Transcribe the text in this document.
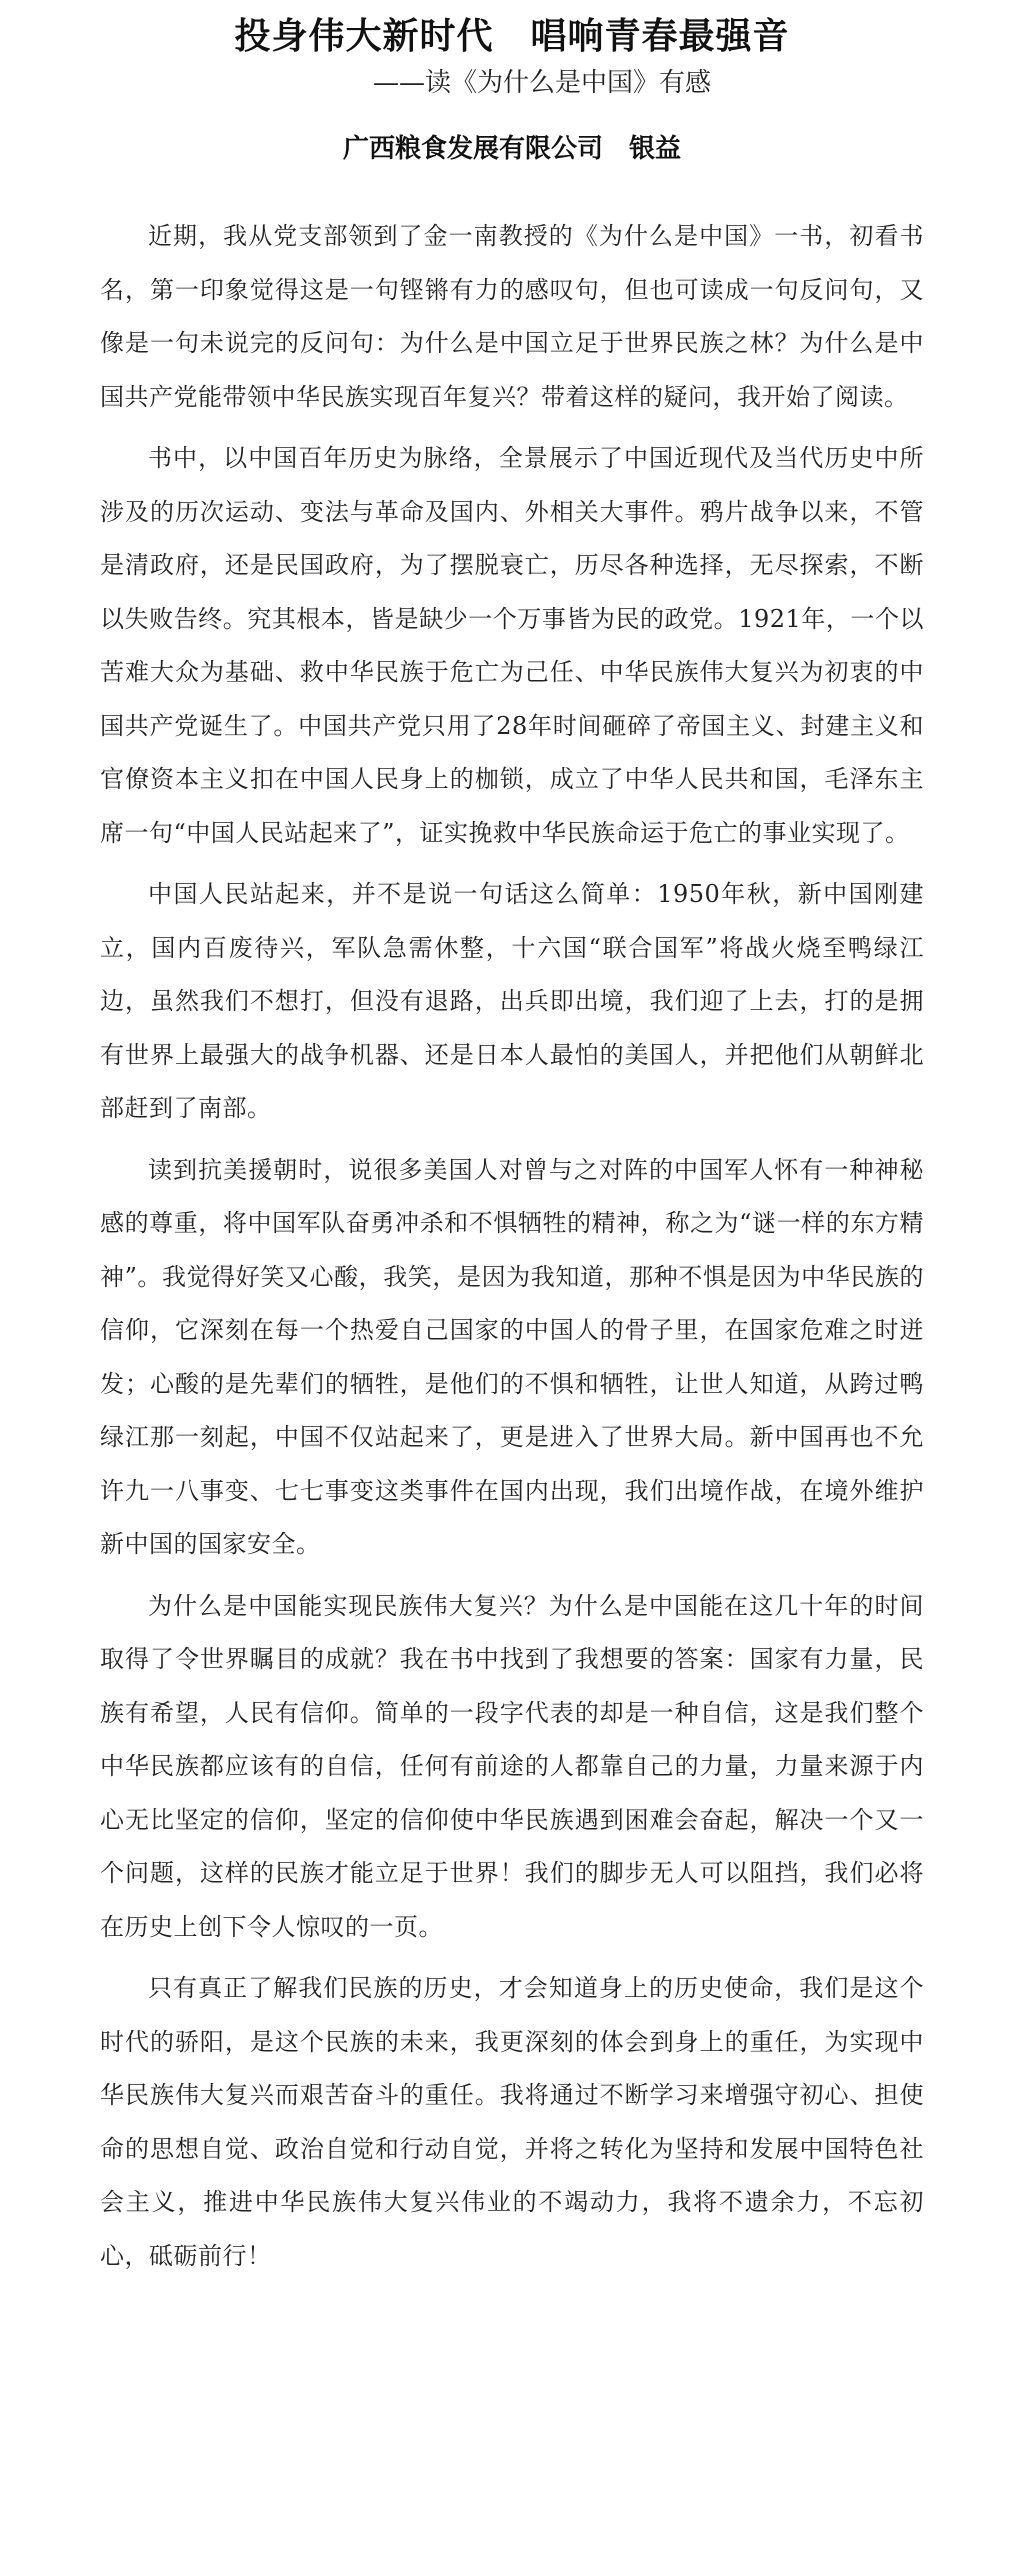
投身伟大新时代　唱响青春最强音
——读《为什么是中国》有感
广西粮食发展有限公司　银益

近期，我从党支部领到了金一南教授的《为什么是中国》一书，初看书名，第一印象觉得这是一句铿锵有力的感叹句，但也可读成一句反问句，又像是一句未说完的反问句：为什么是中国立足于世界民族之林？为什么是中国共产党能带领中华民族实现百年复兴？带着这样的疑问，我开始了阅读。

书中，以中国百年历史为脉络，全景展示了中国近现代及当代历史中所涉及的历次运动、变法与革命及国内、外相关大事件。鸦片战争以来，不管是清政府，还是民国政府，为了摆脱衰亡，历尽各种选择，无尽探索，不断以失败告终。究其根本，皆是缺少一个万事皆为民的政党。1921年，一个以苦难大众为基础、救中华民族于危亡为己任、中华民族伟大复兴为初衷的中国共产党诞生了。中国共产党只用了28年时间砸碎了帝国主义、封建主义和官僚资本主义扣在中国人民身上的枷锁，成立了中华人民共和国，毛泽东主席一句“中国人民站起来了”，证实挽救中华民族命运于危亡的事业实现了。

中国人民站起来，并不是说一句话这么简单：1950年秋，新中国刚建立，国内百废待兴，军队急需休整，十六国“联合国军”将战火烧至鸭绿江边，虽然我们不想打，但没有退路，出兵即出境，我们迎了上去，打的是拥有世界上最强大的战争机器、还是日本人最怕的美国人，并把他们从朝鲜北部赶到了南部。

读到抗美援朝时，说很多美国人对曾与之对阵的中国军人怀有一种神秘感的尊重，将中国军队奋勇冲杀和不惧牺牲的精神，称之为“谜一样的东方精神”。我觉得好笑又心酸，我笑，是因为我知道，那种不惧是因为中华民族的信仰，它深刻在每一个热爱自己国家的中国人的骨子里，在国家危难之时迸发；心酸的是先辈们的牺牲，是他们的不惧和牺牲，让世人知道，从跨过鸭绿江那一刻起，中国不仅站起来了，更是进入了世界大局。新中国再也不允许九一八事变、七七事变这类事件在国内出现，我们出境作战，在境外维护新中国的国家安全。

为什么是中国能实现民族伟大复兴？为什么是中国能在这几十年的时间取得了令世界瞩目的成就？我在书中找到了我想要的答案：国家有力量，民族有希望，人民有信仰。简单的一段字代表的却是一种自信，这是我们整个中华民族都应该有的自信，任何有前途的人都靠自己的力量，力量来源于内心无比坚定的信仰，坚定的信仰使中华民族遇到困难会奋起，解决一个又一个问题，这样的民族才能立足于世界！我们的脚步无人可以阻挡，我们必将在历史上创下令人惊叹的一页。

只有真正了解我们民族的历史，才会知道身上的历史使命，我们是这个时代的骄阳，是这个民族的未来，我更深刻的体会到身上的重任，为实现中华民族伟大复兴而艰苦奋斗的重任。我将通过不断学习来增强守初心、担使命的思想自觉、政治自觉和行动自觉，并将之转化为坚持和发展中国特色社会主义，推进中华民族伟大复兴伟业的不竭动力，我将不遗余力，不忘初心，砥砺前行！
